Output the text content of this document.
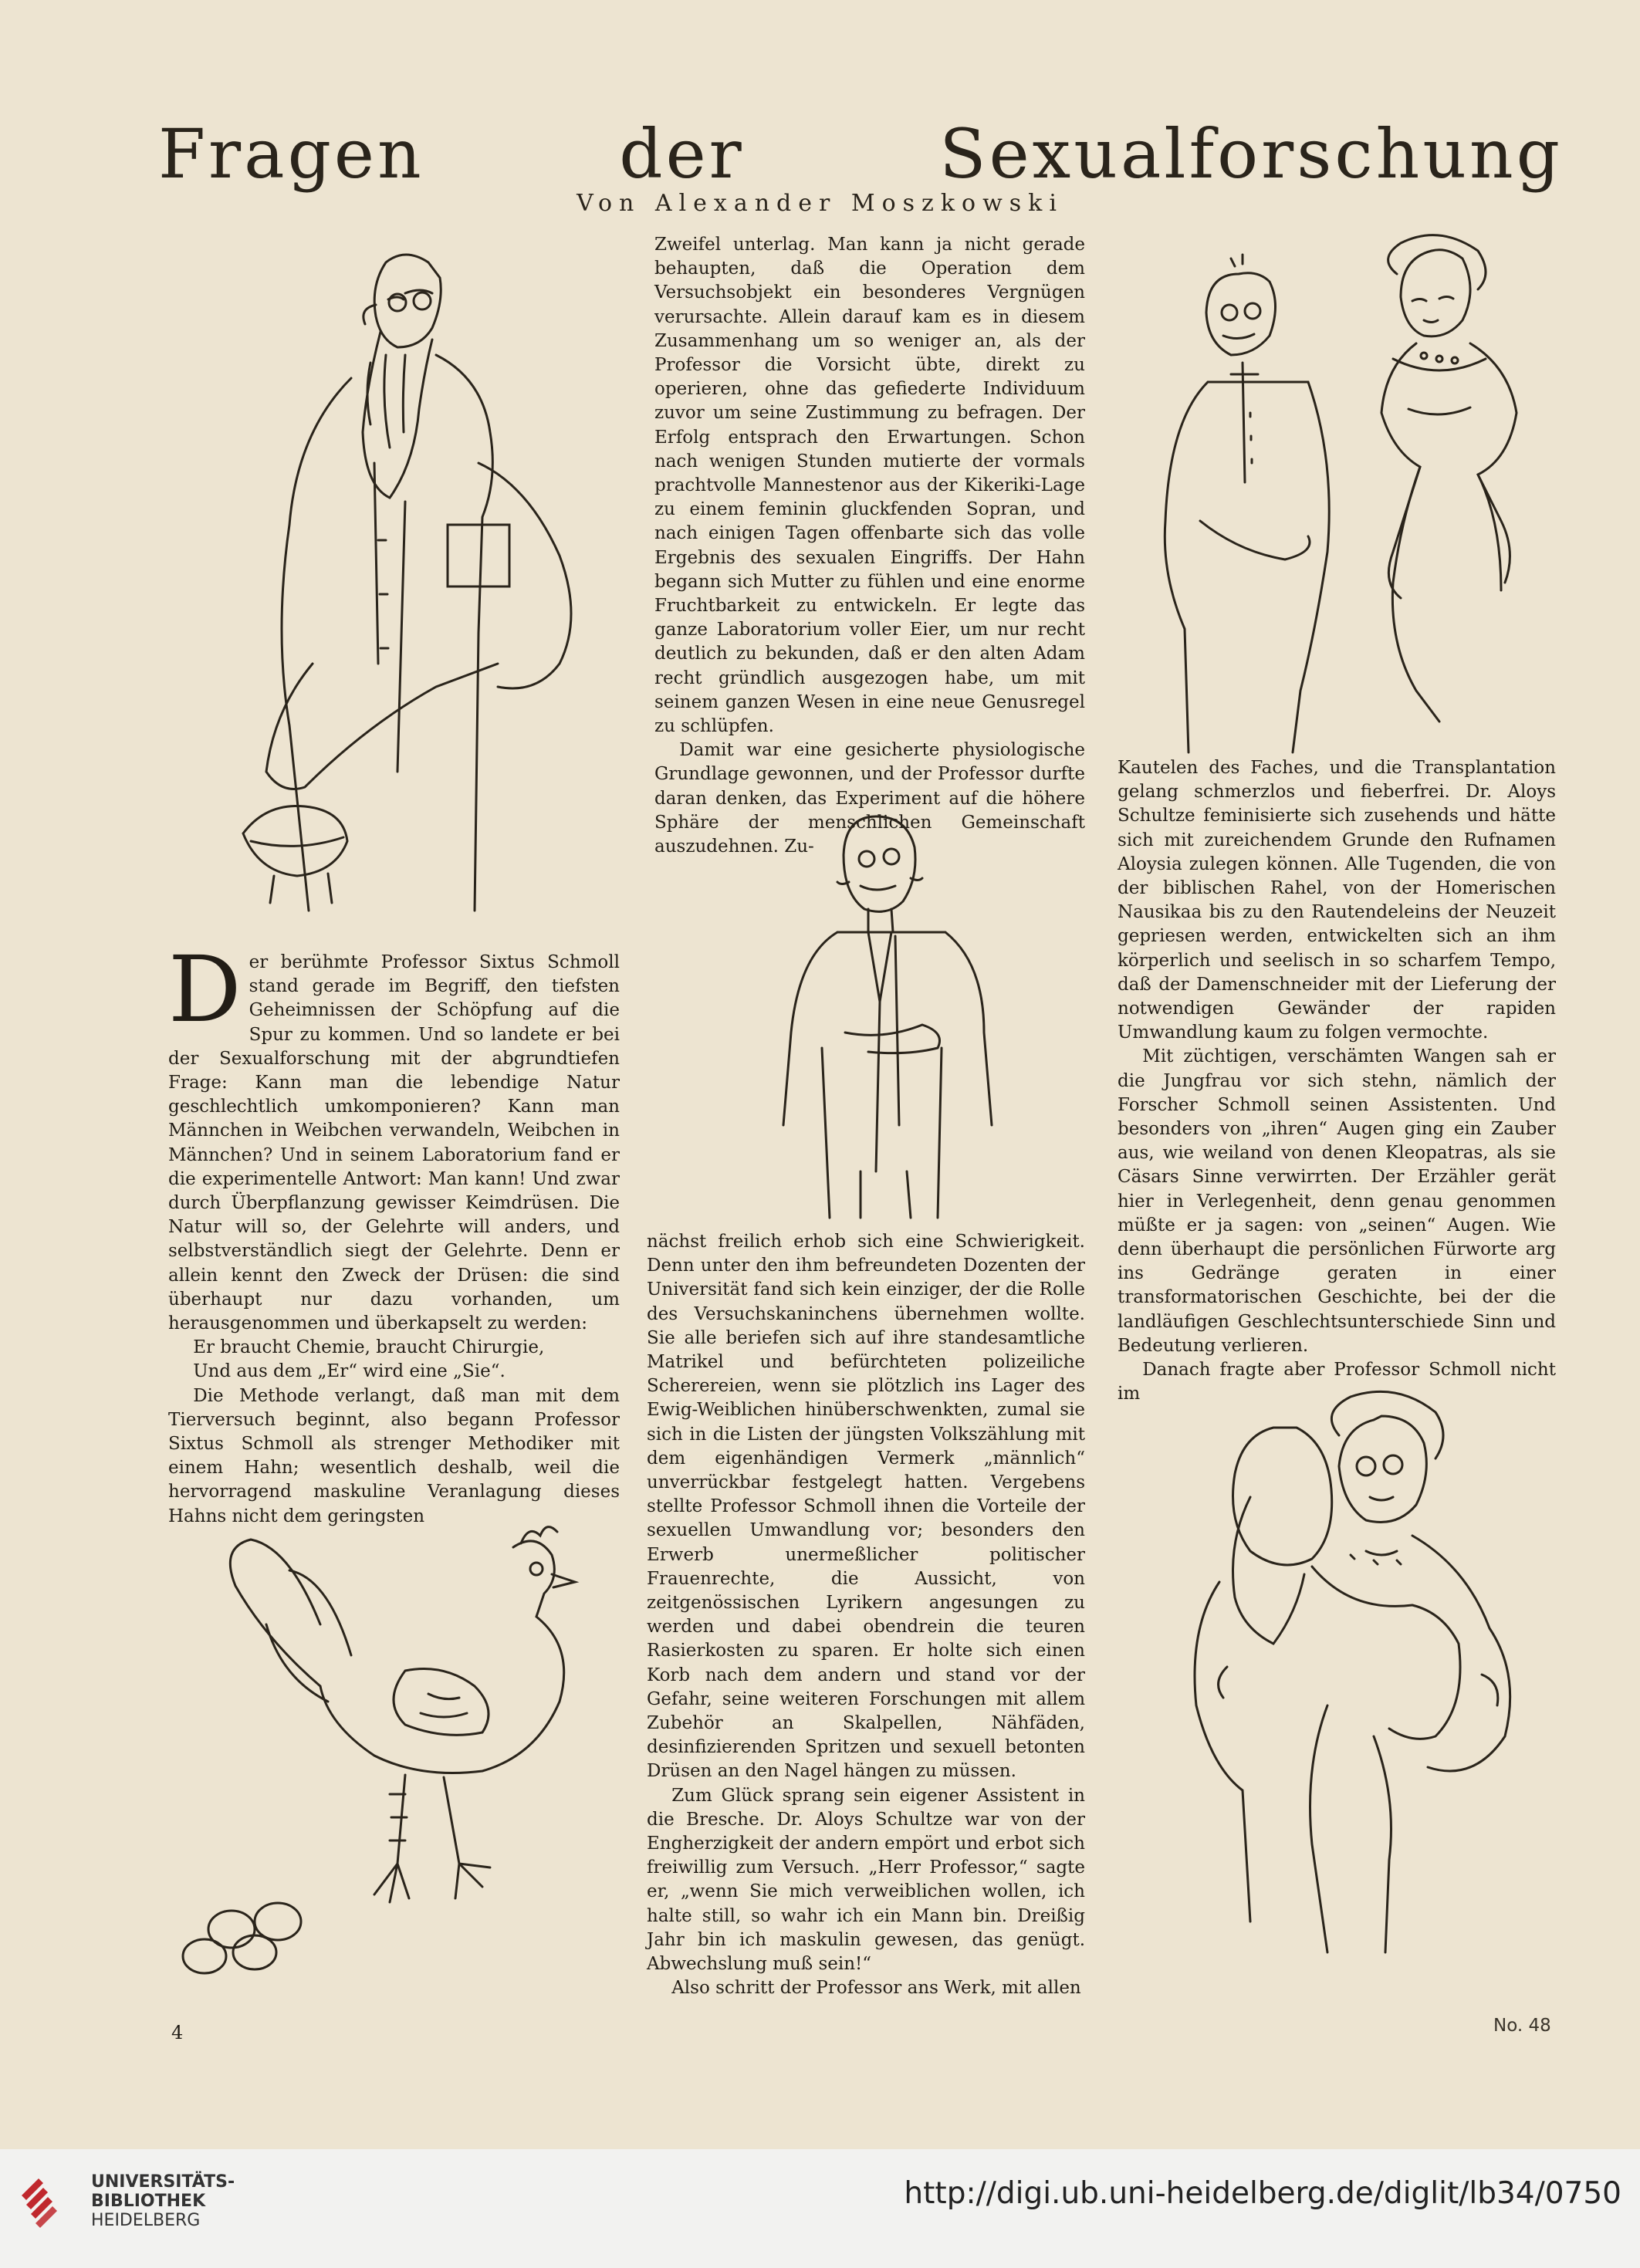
Fragen der Sexualforschung
Von Alexander Moszkowski

Der berühmte Professor Sixtus Schmoll stand gerade im Begriff, den tiefsten Geheimnissen der Schöpfung auf die Spur zu kommen. Und so landete er bei der Sexualforschung mit der abgrundtiefen Frage: Kann man die lebendige Natur geschlechtlich umkomponieren? Kann man Männchen in Weibchen verwandeln, Weibchen in Männchen? Und in seinem Laboratorium fand er die experimentelle Antwort: Man kann! Und zwar durch Überpflanzung gewisser Keimdrüsen. Die Natur will so, der Gelehrte will anders, und selbstverständlich siegt der Gelehrte. Denn er allein kennt den Zweck der Drüsen: die sind überhaupt nur dazu vorhanden, um herausgenommen und überkapselt zu werden:

Er braucht Chemie, braucht Chirurgie,

Und aus dem „Er“ wird eine „Sie“.

Die Methode verlangt, daß man mit dem Tierversuch beginnt, also begann Professor Sixtus Schmoll als strenger Methodiker mit einem Hahn; wesentlich deshalb, weil die hervorragend maskuline Veranlagung dieses Hahns nicht dem geringsten

Zweifel unterlag. Man kann ja nicht gerade behaupten, daß die Operation dem Versuchsobjekt ein besonderes Vergnügen verursachte. Allein darauf kam es in diesem Zusammenhang um so weniger an, als der Professor die Vorsicht übte, direkt zu operieren, ohne das gefiederte Individuum zuvor um seine Zustimmung zu befragen. Der Erfolg entsprach den Erwartungen. Schon nach wenigen Stunden mutierte der vormals prachtvolle Mannestenor aus der Kikeriki-Lage zu einem feminin gluckfenden Sopran, und nach einigen Tagen offenbarte sich das volle Ergebnis des sexualen Eingriffs. Der Hahn begann sich Mutter zu fühlen und eine enorme Fruchtbarkeit zu entwickeln. Er legte das ganze Laboratorium voller Eier, um nur recht deutlich zu bekunden, daß er den alten Adam recht gründlich ausgezogen habe, um mit seinem ganzen Wesen in eine neue Genusregel zu schlüpfen.

Damit war eine gesicherte physiologische Grundlage gewonnen, und der Professor durfte daran denken, das Experiment auf die höhere Sphäre der menschlichen Gemeinschaft auszudehnen. Zu-

nächst freilich erhob sich eine Schwierigkeit. Denn unter den ihm befreundeten Dozenten der Universität fand sich kein einziger, der die Rolle des Versuchskaninchens übernehmen wollte. Sie alle beriefen sich auf ihre standesamtliche Matrikel und befürchteten polizeiliche Scherereien, wenn sie plötzlich ins Lager des Ewig-Weiblichen hinüberschwenkten, zumal sie sich in die Listen der jüngsten Volkszählung mit dem eigenhändigen Vermerk „männlich“ unverrückbar festgelegt hatten. Vergebens stellte Professor Schmoll ihnen die Vorteile der sexuellen Umwandlung vor; besonders den Erwerb unermeßlicher politischer Frauenrechte, die Aussicht, von zeitgenössischen Lyrikern angesungen zu werden und dabei obendrein die teuren Rasierkosten zu sparen. Er holte sich einen Korb nach dem andern und stand vor der Gefahr, seine weiteren Forschungen mit allem Zubehör an Skalpellen, Nähfäden, desinfizierenden Spritzen und sexuell betonten Drüsen an den Nagel hängen zu müssen.

Zum Glück sprang sein eigener Assistent in die Bresche. Dr. Aloys Schultze war von der Engherzigkeit der andern empört und erbot sich freiwillig zum Versuch. „Herr Professor,“ sagte er, „wenn Sie mich verweiblichen wollen, ich halte still, so wahr ich ein Mann bin. Dreißig Jahr bin ich maskulin gewesen, das genügt. Abwechslung muß sein!“

Also schritt der Professor ans Werk, mit allen

Kautelen des Faches, und die Transplantation gelang schmerzlos und fieberfrei. Dr. Aloys Schultze feminisierte sich zusehends und hätte sich mit zureichendem Grunde den Rufnamen Aloysia zulegen können. Alle Tugenden, die von der biblischen Rahel, von der Homerischen Nausikaa bis zu den Rautendeleins der Neuzeit gepriesen werden, entwickelten sich an ihm körperlich und seelisch in so scharfem Tempo, daß der Damenschneider mit der Lieferung der notwendigen Gewänder der rapiden Umwandlung kaum zu folgen vermochte.

Mit züchtigen, verschämten Wangen sah er die Jungfrau vor sich stehn, nämlich der Forscher Schmoll seinen Assistenten. Und besonders von „ihren“ Augen ging ein Zauber aus, wie weiland von denen Kleopatras, als sie Cäsars Sinne verwirrten. Der Erzähler gerät hier in Verlegenheit, denn genau genommen müßte er ja sagen: von „seinen“ Augen. Wie denn überhaupt die persönlichen Fürworte arg ins Gedränge geraten in einer transformatorischen Geschichte, bei der die landläufigen Geschlechtsunterschiede Sinn und Bedeutung verlieren.

Danach fragte aber Professor Schmoll nicht im

4	No. 48
UNIVERSITÄTS-
BIBLIOTHEK
HEIDELBERG
http://digi.ub.uni-heidelberg.de/diglit/lb34/0750
